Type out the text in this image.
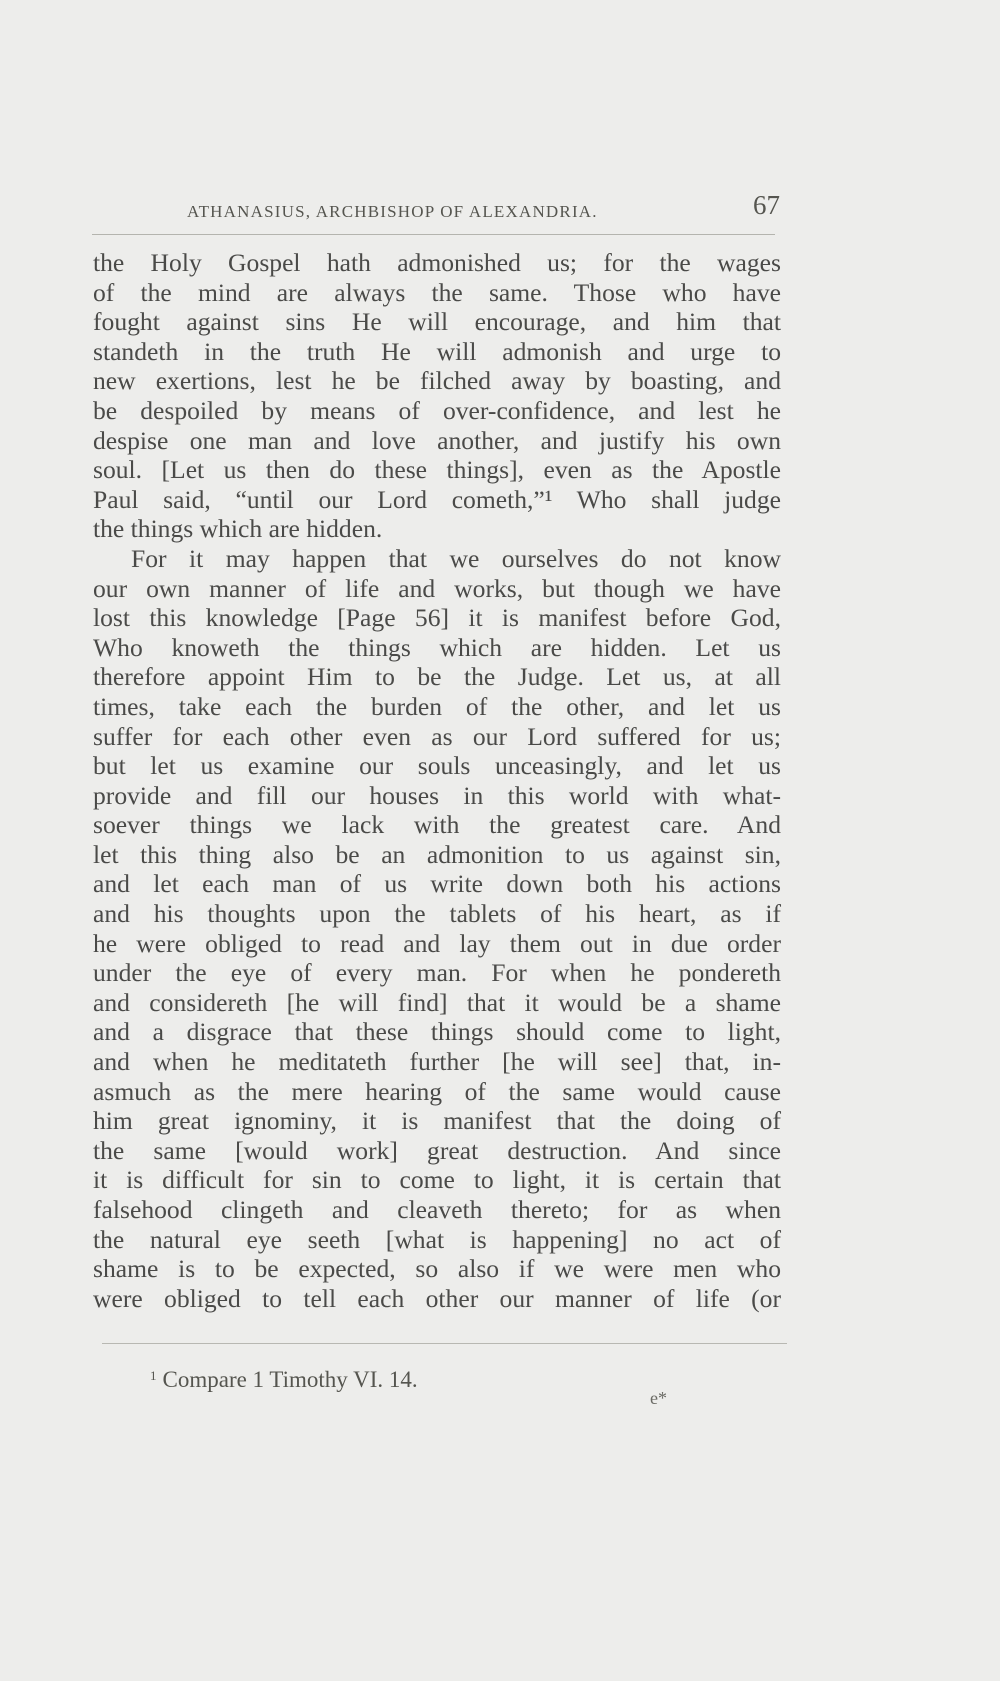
ATHANASIUS, ARCHBISHOP OF ALEXANDRIA.	67
the Holy Gospel hath admonished us; for the wages
of the mind are always the same. Those who have
fought against sins He will encourage, and him that
standeth in the truth He will admonish and urge to
new exertions, lest he be filched away by boasting, and
be despoiled by means of over-confidence, and lest he
despise one man and love another, and justify his own
soul. [Let us then do these things], even as the Apostle
Paul said, “until our Lord cometh,”¹ Who shall judge
the things which are hidden.
For it may happen that we ourselves do not know
our own manner of life and works, but though we have
lost this knowledge [Page 56] it is manifest before God,
Who knoweth the things which are hidden. Let us
therefore appoint Him to be the Judge. Let us, at all
times, take each the burden of the other, and let us
suffer for each other even as our Lord suffered for us;
but let us examine our souls unceasingly, and let us
provide and fill our houses in this world with what-
soever things we lack with the greatest care. And
let this thing also be an admonition to us against sin,
and let each man of us write down both his actions
and his thoughts upon the tablets of his heart, as if
he were obliged to read and lay them out in due order
under the eye of every man. For when he pondereth
and considereth [he will find] that it would be a shame
and a disgrace that these things should come to light,
and when he meditateth further [he will see] that, in-
asmuch as the mere hearing of the same would cause
him great ignominy, it is manifest that the doing of
the same [would work] great destruction. And since
it is difficult for sin to come to light, it is certain that
falsehood clingeth and cleaveth thereto; for as when
the natural eye seeth [what is happening] no act of
shame is to be expected, so also if we were men who
were obliged to tell each other our manner of life (or
$^1$ Compare 1 Timothy VI. 14.
e*
